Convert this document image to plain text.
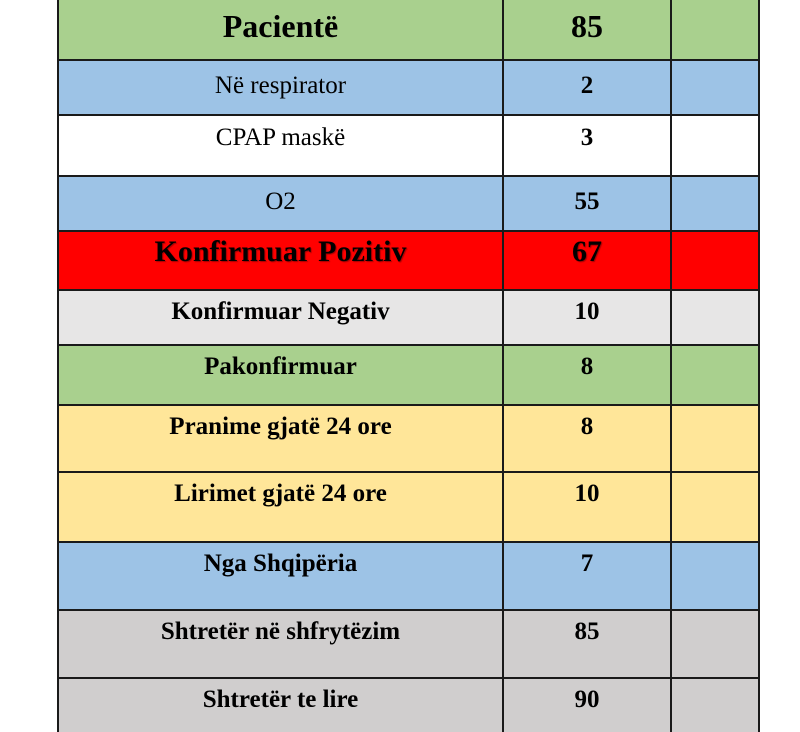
Pacientë	85	

Në respirator	2	

CPAP maskë	3	

O2	55	

Konfirmuar Pozitiv	67	

Konfirmuar Negativ	10	

Pakonfirmuar	8	

Pranime gjatë 24 ore	8	

Lirimet gjatë 24 ore	10	

Nga Shqipëria	7	

Shtretër në shfrytëzim	85	

Shtretër te lire	90	
